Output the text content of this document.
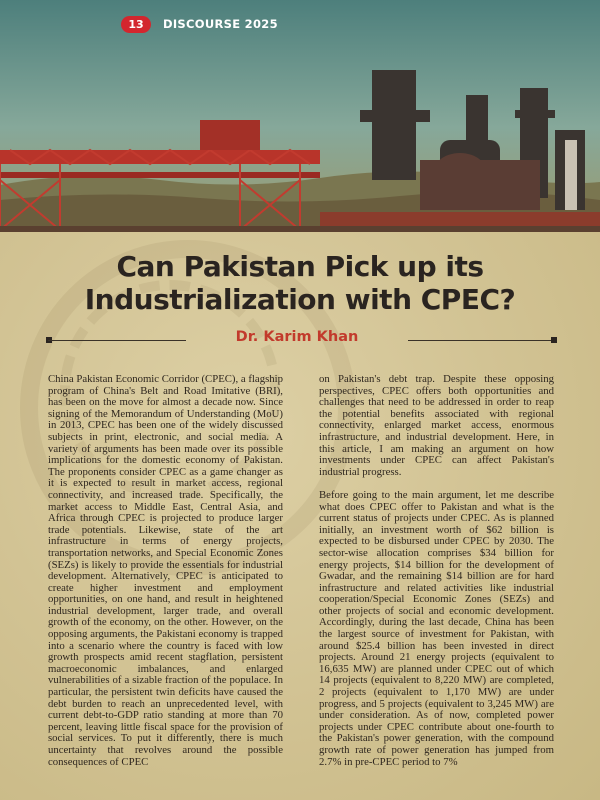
13	DISCOURSE 2025
Can Pakistan Pick up its
Industrialization with CPEC?
Dr. Karim Khan

China Pakistan Economic Corridor (CPEC), a flagship program of China's Belt and Road Imitative (BRI), has been on the move for almost a decade now. Since signing of the Memorandum of Understanding (MoU) in 2013, CPEC has been one of the widely discussed subjects in print, electronic, and social media. A variety of arguments has been made over its possible implications for the domestic economy of Pakistan. The proponents consider CPEC as a game changer as it is expected to result in market access, regional connectivity, and increased trade. Specifically, the market access to Middle East, Central Asia, and Africa through CPEC is projected to produce larger trade potentials. Likewise, state of the art infrastructure in terms of energy projects, transportation networks, and Special Economic Zones (SEZs) is likely to provide the essentials for industrial development. Alternatively, CPEC is anticipated to create higher investment and employment opportunities, on one hand, and result in heightened industrial development, larger trade, and overall growth of the economy, on the other. However, on the opposing arguments, the Pakistani economy is trapped into a scenario where the country is faced with low growth prospects amid recent stagflation, persistent macroeconomic imbalances, and enlarged vulnerabilities of a sizable fraction of the populace. In particular, the persistent twin deficits have caused the debt burden to reach an unprecedented level, with current debt-to-GDP ratio standing at more than 70 percent, leaving little fiscal space for the provision of social services. To put it differently, there is much uncertainty that revolves around the possible consequences of CPEC

on Pakistan's debt trap. Despite these opposing perspectives, CPEC offers both opportunities and challenges that need to be addressed in order to reap the potential benefits associated with regional connectivity, enlarged market access, enormous infrastructure, and industrial development. Here, in this article, I am making an argument on how investments under CPEC can affect Pakistan's industrial progress.

Before going to the main argument, let me describe what does CPEC offer to Pakistan and what is the current status of projects under CPEC. As is planned initially, an investment worth of $62 billion is expected to be disbursed under CPEC by 2030. The sector-wise allocation comprises $34 billion for energy projects, $14 billion for the development of Gwadar, and the remaining $14 billion are for hard infrastructure and related activities like industrial cooperation/Special Economic Zones (SEZs) and other projects of social and economic development. Accordingly, during the last decade, China has been the largest source of investment for Pakistan, with around $25.4 billion has been invested in direct projects. Around 21 energy projects (equivalent to 16,635 MW) are planned under CPEC out of which 14 projects (equivalent to 8,220 MW) are completed, 2 projects (equivalent to 1,170 MW) are under progress, and 5 projects (equivalent to 3,245 MW) are under consideration. As of now, completed power projects under CPEC contribute about one-fourth to the Pakistan's power generation, with the compound growth rate of power generation has jumped from 2.7% in pre-CPEC period to 7%
